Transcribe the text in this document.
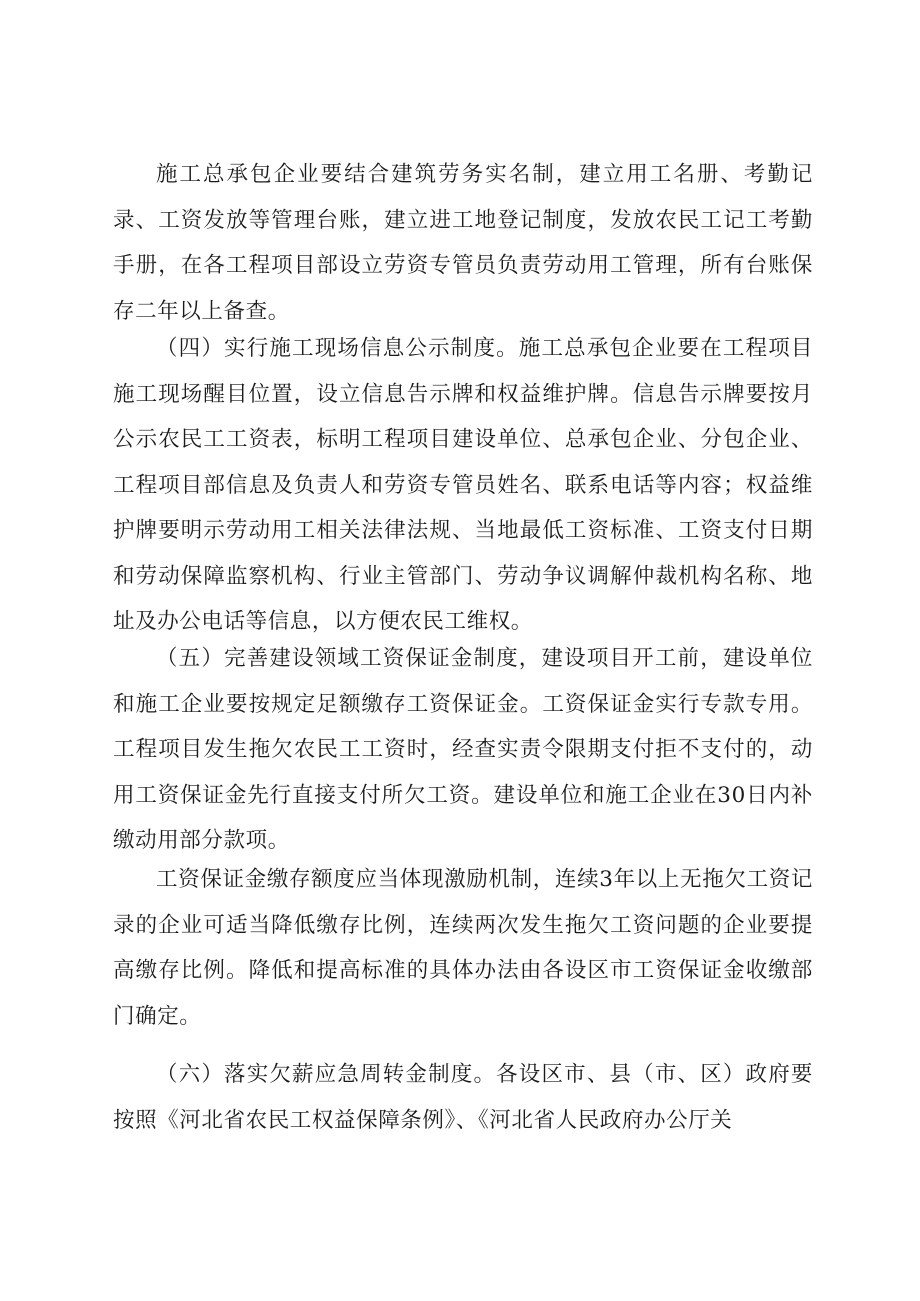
施工总承包企业要结合建筑劳务实名制，建立用工名册、考勤记录、工资发放等管理台账，建立进工地登记制度，发放农民工记工考勤手册，在各工程项目部设立劳资专管员负责劳动用工管理，所有台账保存二年以上备查。

（四）实行施工现场信息公示制度。施工总承包企业要在工程项目施工现场醒目位置，设立信息告示牌和权益维护牌。信息告示牌要按月公示农民工工资表，标明工程项目建设单位、总承包企业、分包企业、工程项目部信息及负责人和劳资专管员姓名、联系电话等内容；权益维护牌要明示劳动用工相关法律法规、当地最低工资标准、工资支付日期和劳动保障监察机构、行业主管部门、劳动争议调解仲裁机构名称、地址及办公电话等信息，以方便农民工维权。

（五）完善建设领域工资保证金制度，建设项目开工前，建设单位和施工企业要按规定足额缴存工资保证金。工资保证金实行专款专用。工程项目发生拖欠农民工工资时，经查实责令限期支付拒不支付的，动用工资保证金先行直接支付所欠工资。建设单位和施工企业在30日内补缴动用部分款项。

工资保证金缴存额度应当体现激励机制，连续3年以上无拖欠工资记录的企业可适当降低缴存比例，连续两次发生拖欠工资问题的企业要提高缴存比例。降低和提高标准的具体办法由各设区市工资保证金收缴部门确定。

（六）落实欠薪应急周转金制度。各设区市、县（市、区）政府要按照《河北省农民工权益保障条例》、《河北省人民政府办公厅关
